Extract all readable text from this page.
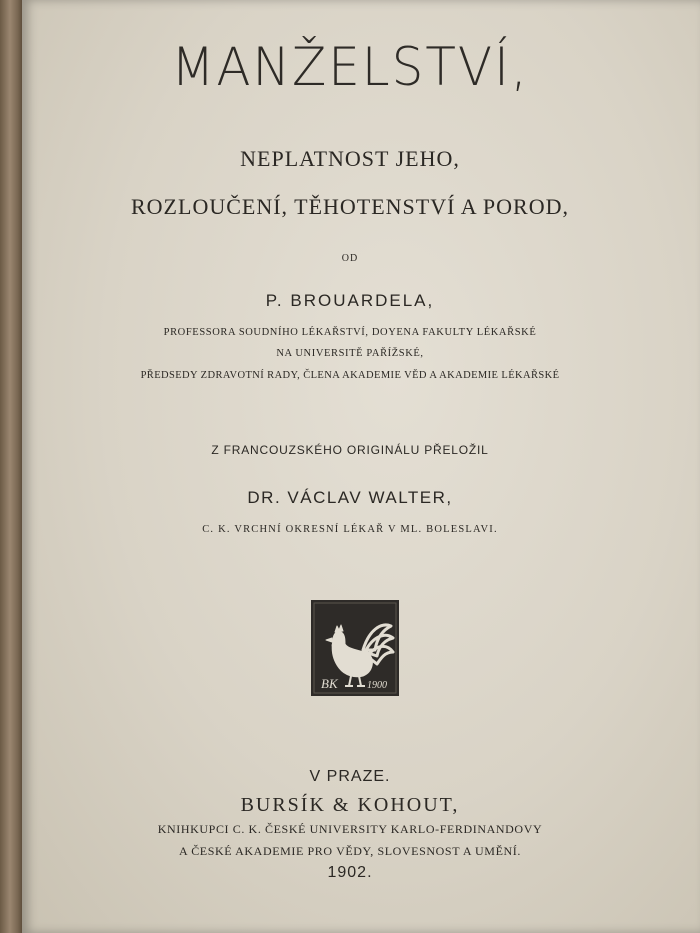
MANŽELSTVÍ,
NEPLATNOST JEHO,
ROZLOUČENÍ, TĚHOTENSTVÍ A POROD,
OD
P. BROUARDELA,
PROFESSORA SOUDNÍHO LÉKAŘSTVÍ, DOYENA FAKULTY LÉKAŘSKÉ
NA UNIVERSITĚ PAŘÍŽSKÉ,
PŘEDSEDY ZDRAVOTNÍ RADY, ČLENA AKADEMIE VĚD A AKADEMIE LÉKAŘSKÉ
Z FRANCOUZSKÉHO ORIGINÁLU PŘELOŽIL
DR. VÁCLAV WALTER,
C. K. VRCHNÍ OKRESNÍ LÉKAŘ V ML. BOLESLAVI.
BK	1900
V PRAZE.
BURSÍK & KOHOUT,
KNIHKUPCI C. K. ČESKÉ UNIVERSITY KARLO-FERDINANDOVY
A ČESKÉ AKADEMIE PRO VĚDY, SLOVESNOST A UMĚNÍ.
1902.
